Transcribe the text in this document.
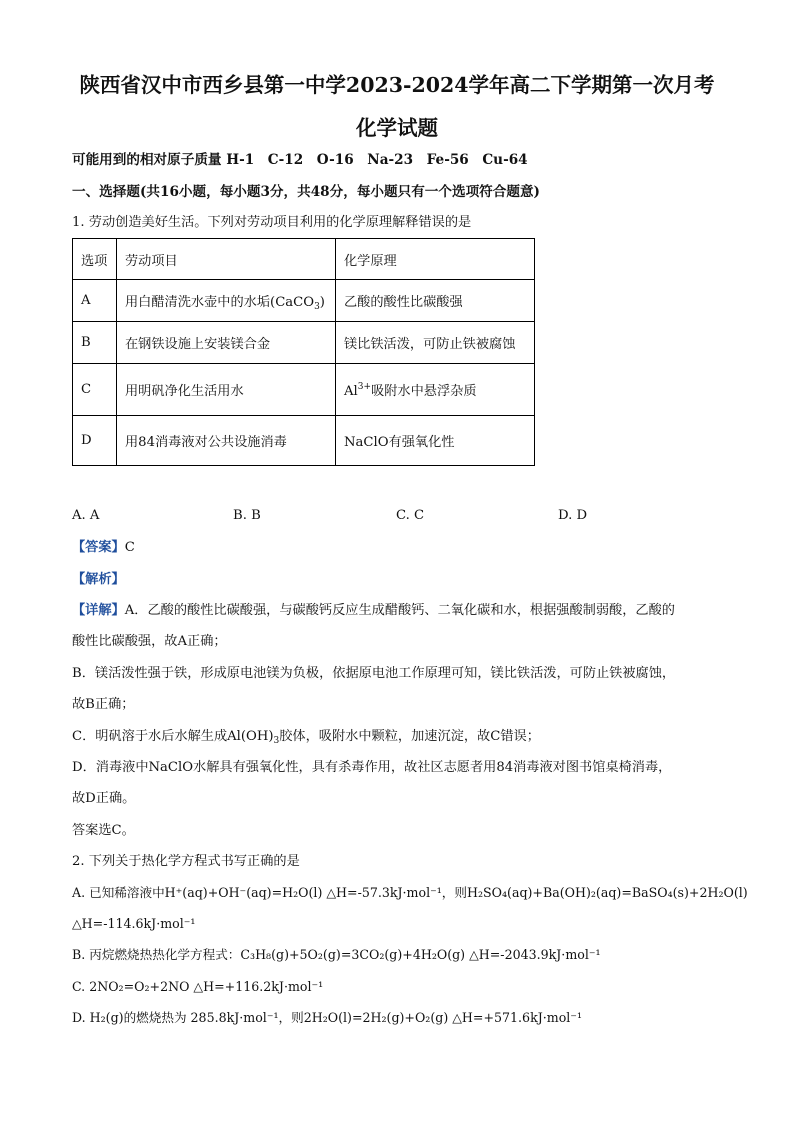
陕西省汉中市西乡县第一中学2023-2024学年高二下学期第一次月考
化学试题
可能用到的相对原子质量 H-1　C-12　O-16　Na-23　Fe-56　Cu-64
一、选择题(共16小题，每小题3分，共48分，每小题只有一个选项符合题意)
1. 劳动创造美好生活。下列对劳动项目利用的化学原理解释错误的是
选项	劳动项目	化学原理
A	用白醋清洗水壶中的水垢(CaCO$_3$)	乙酸的酸性比碳酸强
B	在钢铁设施上安装镁合金	镁比铁活泼，可防止铁被腐蚀
C	用明矾净化生活用水	$Al^{3+}$吸附水中悬浮杂质
D	用84消毒液对公共设施消毒	NaClO有强氧化性
A. A	B. B	C. C	D. D
【答案】C
【解析】
【详解】A．乙酸的酸性比碳酸强，与碳酸钙反应生成醋酸钙、二氧化碳和水，根据强酸制弱酸，乙酸的
酸性比碳酸强，故A正确；
B．镁活泼性强于铁，形成原电池镁为负极，依据原电池工作原理可知，镁比铁活泼，可防止铁被腐蚀，
故B正确；
C．明矾溶于水后水解生成$Al(OH)_3$胶体，吸附水中颗粒，加速沉淀，故C错误；
D．消毒液中NaClO水解具有强氧化性，具有杀毒作用，故社区志愿者用84消毒液对图书馆桌椅消毒，
故D正确。
答案选C。
2. 下列关于热化学方程式书写正确的是
A. 已知稀溶液中H⁺(aq)+OH⁻(aq)=H₂O(l) △H=-57.3kJ·mol⁻¹，则H₂SO₄(aq)+Ba(OH)₂(aq)=BaSO₄(s)+2H₂O(l)
△H=-114.6kJ·mol⁻¹
B. 丙烷燃烧热热化学方程式：C₃H₈(g)+5O₂(g)=3CO₂(g)+4H₂O(g) △H=-2043.9kJ·mol⁻¹
C. 2NO₂=O₂+2NO △H=+116.2kJ·mol⁻¹
D. H₂(g)的燃烧热为 285.8kJ·mol⁻¹，则2H₂O(l)=2H₂(g)+O₂(g) △H=+571.6kJ·mol⁻¹
